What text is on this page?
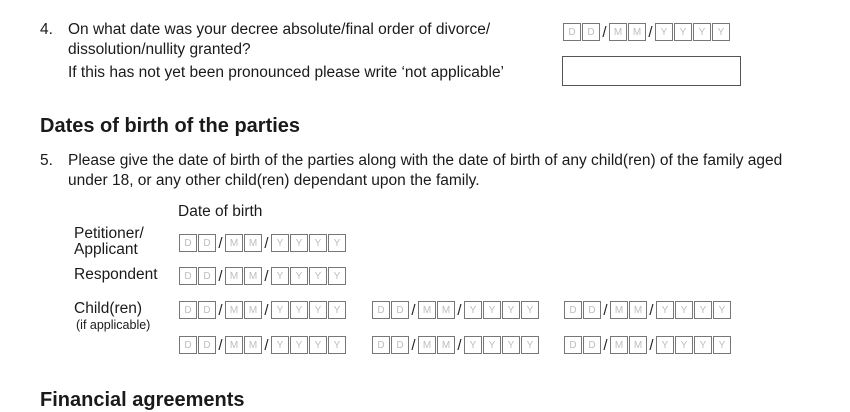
4. On what date was your decree absolute/final order of divorce/
dissolution/nullity granted?
If this has not yet been pronounced please write ‘not applicable’
D	D / M	M / Y	Y	Y	Y
Dates of birth of the parties
5. Please give the date of birth of the parties along with the date of birth of any child(ren) of the family aged
under 18, or any other child(ren) dependant upon the family.
Date of birth
Petitioner/
Applicant	D	D / M	M / Y	Y	Y	Y
Respondent	D	D / M	M / Y	Y	Y	Y
Child(ren)
(if applicable)
D	D / M	M / Y	Y	Y	Y	D	D / M	M / Y	Y	Y	Y	D	D / M	M / Y	Y	Y	Y
D	D / M	M / Y	Y	Y	Y	D	D / M	M / Y	Y	Y	Y	D	D / M	M / Y	Y	Y	Y
Financial agreements
